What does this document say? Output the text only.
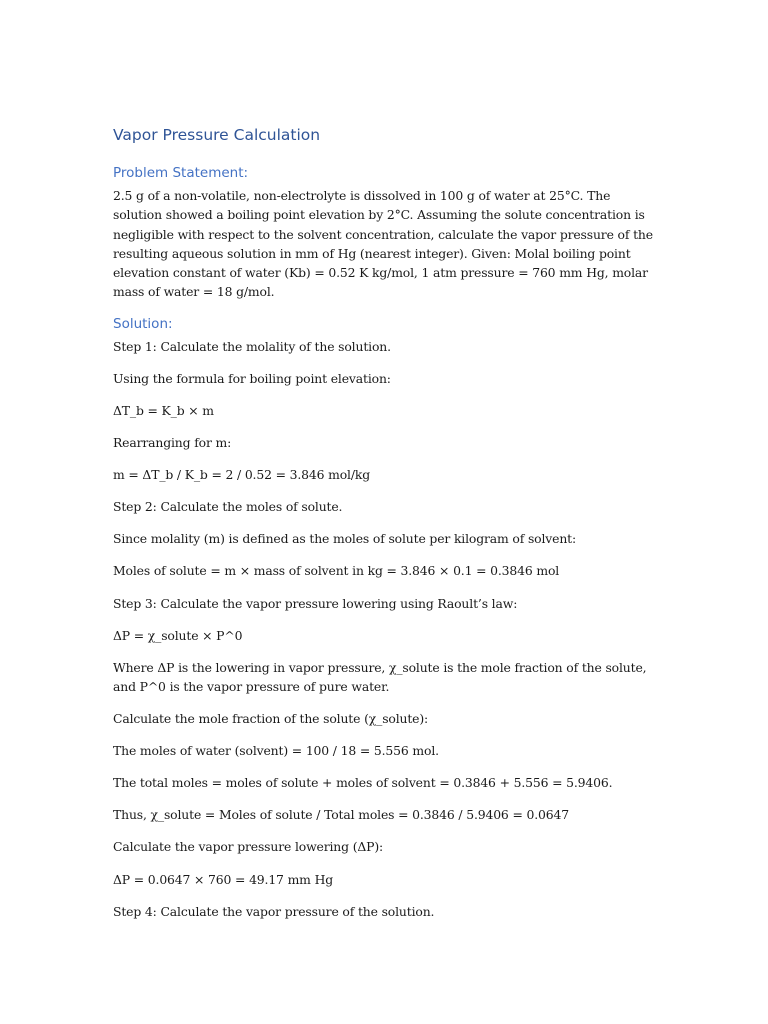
Vapor Pressure Calculation
Problem Statement:

2.5 g of a non-volatile, non-electrolyte is dissolved in 100 g of water at 25°C. The solution showed a boiling point elevation by 2°C. Assuming the solute concentration is negligible with respect to the solvent concentration, calculate the vapor pressure of the resulting aqueous solution in mm of Hg (nearest integer). Given: Molal boiling point elevation constant of water (Kb) = 0.52 K kg/mol, 1 atm pressure = 760 mm Hg, molar mass of water = 18 g/mol.

Solution:
Step 1: Calculate the molality of the solution.
Using the formula for boiling point elevation:
ΔT_b = K_b × m
Rearranging for m:
m = ΔT_b / K_b = 2 / 0.52 = 3.846 mol/kg
Step 2: Calculate the moles of solute.
Since molality (m) is defined as the moles of solute per kilogram of solvent:
Moles of solute = m × mass of solvent in kg = 3.846 × 0.1 = 0.3846 mol
Step 3: Calculate the vapor pressure lowering using Raoult’s law:
ΔP = χ_solute × P^0
Where ΔP is the lowering in vapor pressure, χ_solute is the mole fraction of the solute, and P^0 is the vapor pressure of pure water.
Calculate the mole fraction of the solute (χ_solute):
The moles of water (solvent) = 100 / 18 = 5.556 mol.
The total moles = moles of solute + moles of solvent = 0.3846 + 5.556 = 5.9406.
Thus, χ_solute = Moles of solute / Total moles = 0.3846 / 5.9406 = 0.0647
Calculate the vapor pressure lowering (ΔP):
ΔP = 0.0647 × 760 = 49.17 mm Hg
Step 4: Calculate the vapor pressure of the solution.
